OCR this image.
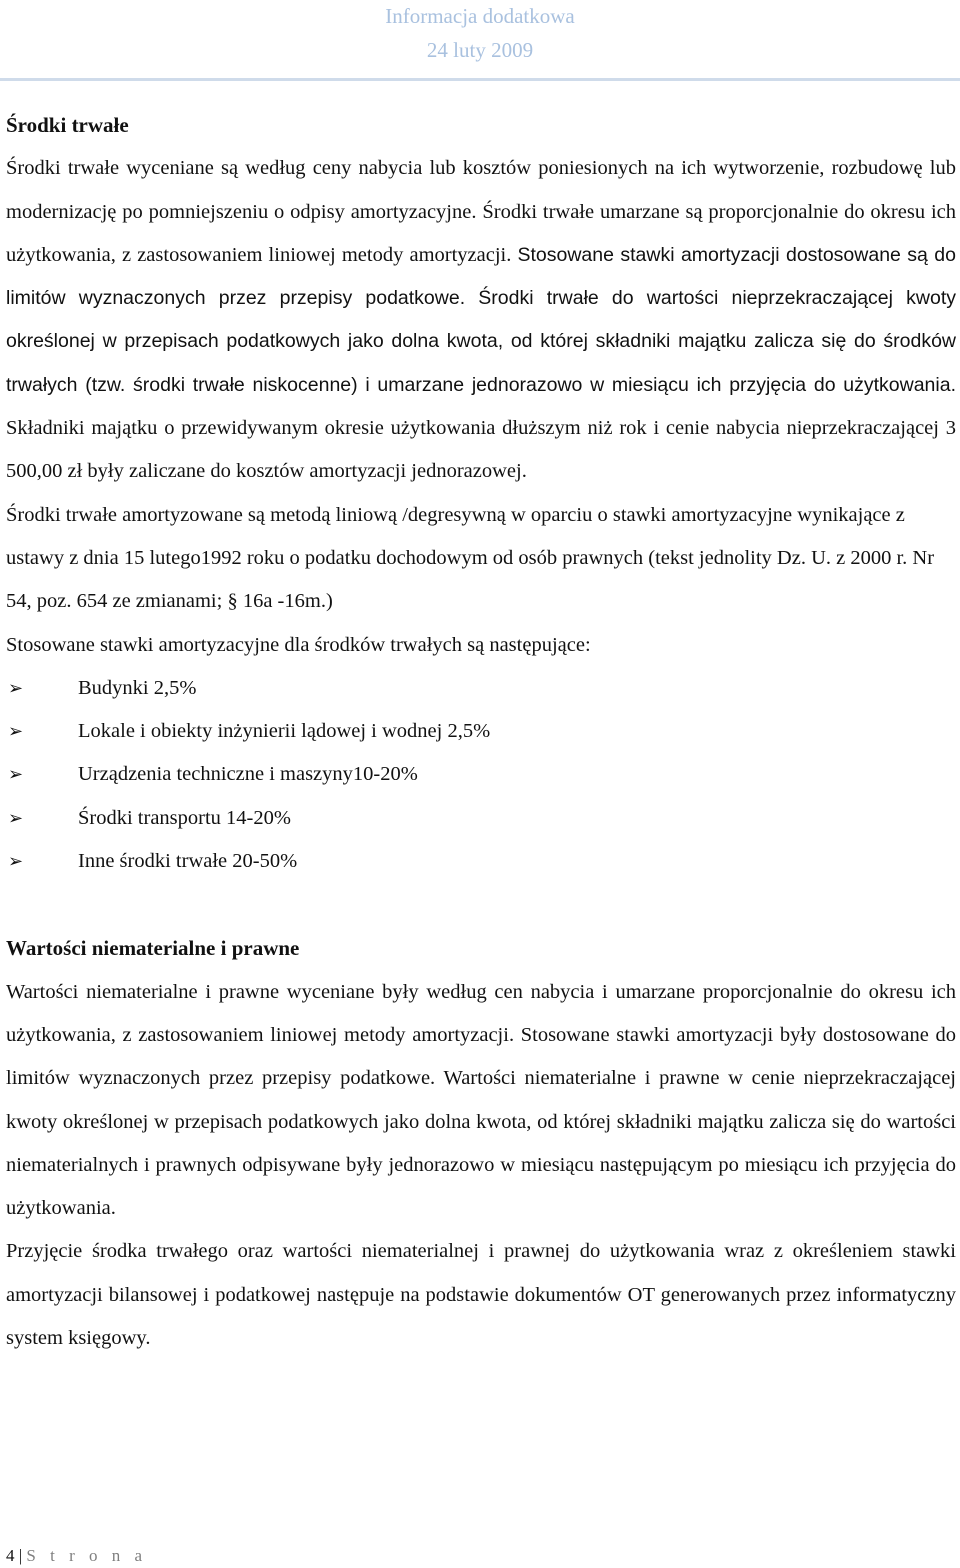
Informacja dodatkowa
24 luty 2009
Środki trwałe

Środki trwałe wyceniane są według ceny nabycia lub kosztów poniesionych na ich wytworzenie, rozbudowę lub modernizację po pomniejszeniu o odpisy amortyzacyjne. Środki trwałe umarzane są proporcjonalnie do okresu ich użytkowania, z zastosowaniem liniowej metody amortyzacji. Stosowane stawki amortyzacji dostosowane są do limitów wyznaczonych przez przepisy podatkowe. Środki trwałe do wartości nieprzekraczającej kwoty określonej w przepisach podatkowych jako dolna kwota, od której składniki majątku zalicza się do środków trwałych (tzw. środki trwałe niskocenne) i umarzane jednorazowo w miesiącu ich przyjęcia do użytkowania. Składniki majątku o przewidywanym okresie użytkowania dłuższym niż rok i cenie nabycia nieprzekraczającej 3 500,00 zł były zaliczane do kosztów amortyzacji jednorazowej.

Środki trwałe amortyzowane są metodą liniową /degresywną w oparciu o stawki amortyzacyjne wynikające z ustawy z dnia 15 lutego1992 roku o podatku dochodowym od osób prawnych (tekst jednolity Dz. U. z 2000 r. Nr 54, poz. 654 ze zmianami; § 16a -16m.)

Stosowane stawki amortyzacyjne dla środków trwałych są następujące:

➢	Budynki 2,5%
➢	Lokale i obiekty inżynierii lądowej i wodnej 2,5%
➢	Urządzenia techniczne i maszyny10-20%
➢	Środki transportu 14-20%
➢	Inne środki trwałe 20-50%
Wartości niematerialne i prawne

Wartości niematerialne i prawne wyceniane były według cen nabycia i umarzane proporcjonalnie do okresu ich użytkowania, z zastosowaniem liniowej metody amortyzacji. Stosowane stawki amortyzacji były dostosowane do limitów wyznaczonych przez przepisy podatkowe. Wartości niematerialne i prawne w cenie nieprzekraczającej kwoty określonej w przepisach podatkowych jako dolna kwota, od której składniki majątku zalicza się do wartości niematerialnych i prawnych odpisywane były jednorazowo w miesiącu następującym po miesiącu ich przyjęcia do użytkowania.

Przyjęcie środka trwałego oraz wartości niematerialnej i prawnej do użytkowania wraz z określeniem stawki amortyzacji bilansowej i podatkowej następuje na podstawie dokumentów OT generowanych przez informatyczny system księgowy.

4 | S t r o n a
